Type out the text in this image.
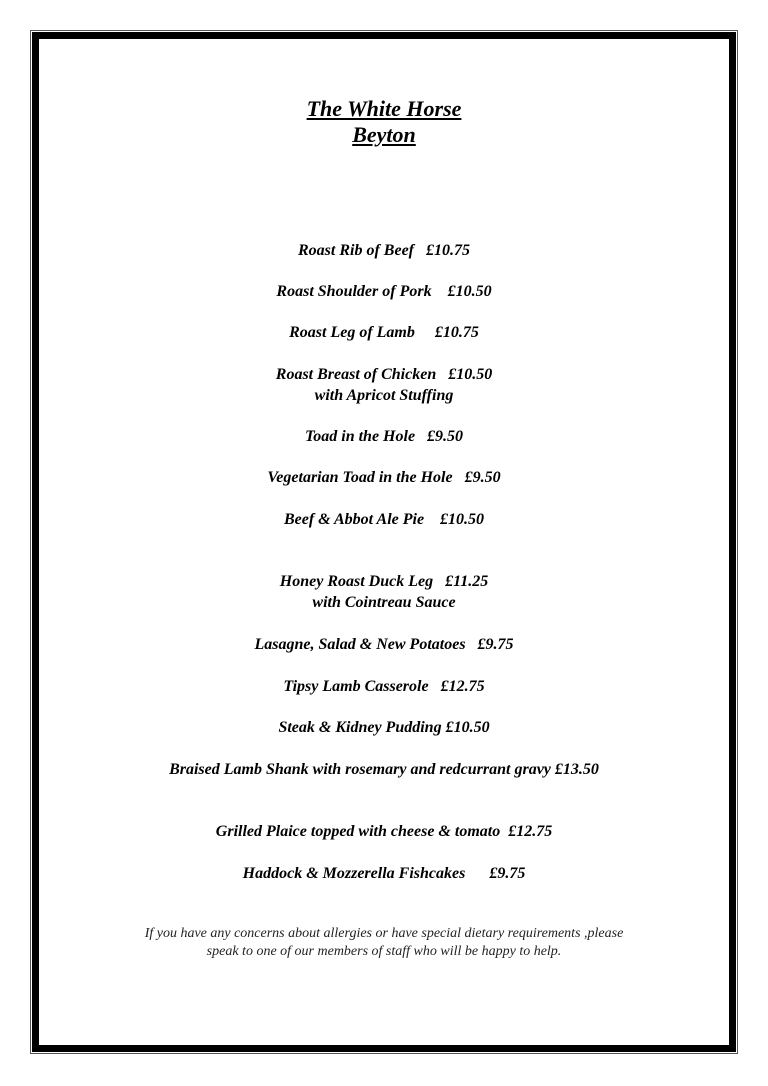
The White Horse
Beyton
Roast Rib of Beef   £10.75
Roast Shoulder of Pork    £10.50
Roast Leg of Lamb     £10.75
Roast Breast of Chicken   £10.50
with Apricot Stuffing
Toad in the Hole   £9.50
Vegetarian Toad in the Hole   £9.50
Beef & Abbot Ale Pie    £10.50
Honey Roast Duck Leg   £11.25
with Cointreau Sauce
Lasagne, Salad & New Potatoes   £9.75
Tipsy Lamb Casserole   £12.75
Steak & Kidney Pudding £10.50
Braised Lamb Shank with rosemary and redcurrant gravy £13.50
Grilled Plaice topped with cheese & tomato  £12.75
Haddock & Mozzerella Fishcakes      £9.75
If you have any concerns about allergies or have special dietary requirements ,please
speak to one of our members of staff who will be happy to help.
